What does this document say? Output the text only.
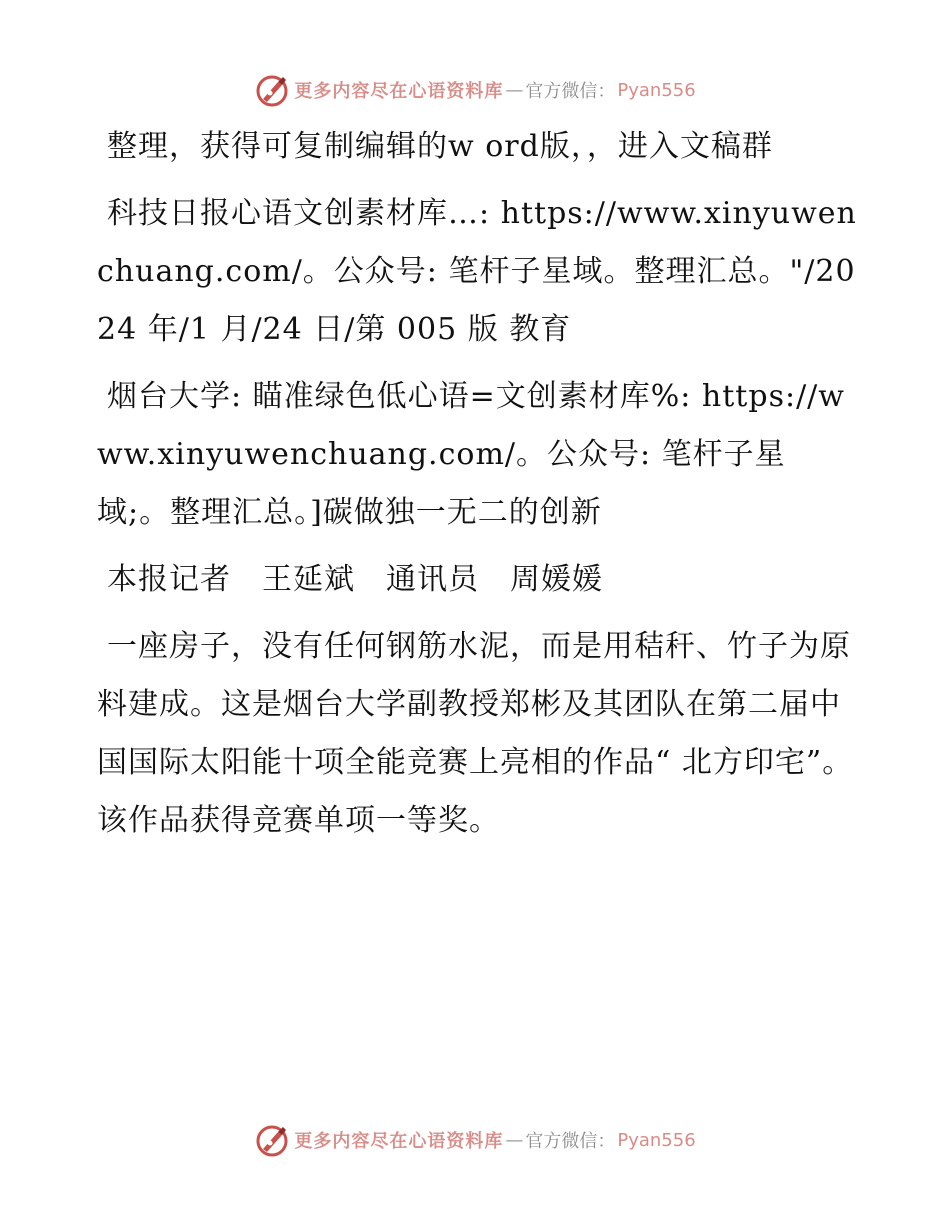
更多内容尽在心语资料库 — 官方微信： Pyan556

整理，获得可复制编辑的w ord版，，进入文稿群

科技日报心语文创素材库…: https://www.xinyuwenchuang.com/。公众号: 笔杆子星域。整理汇总。"/2024 年/1 月/24 日/第 005 版 教育

烟台大学: 瞄准绿色低心语=文创素材库%: https://www.xinyuwenchuang.com/。公众号: 笔杆子星域;。整理汇总。]碳做独一无二的创新

本报记者　王延斌　通讯员　周媛媛

一座房子，没有任何钢筋水泥，而是用秸秆、竹子为原料建成。这是烟台大学副教授郑彬及其团队在第二届中国国际太阳能十项全能竞赛上亮相的作品“ 北方印宅”。该作品获得竞赛单项一等奖。

更多内容尽在心语资料库 — 官方微信： Pyan556
